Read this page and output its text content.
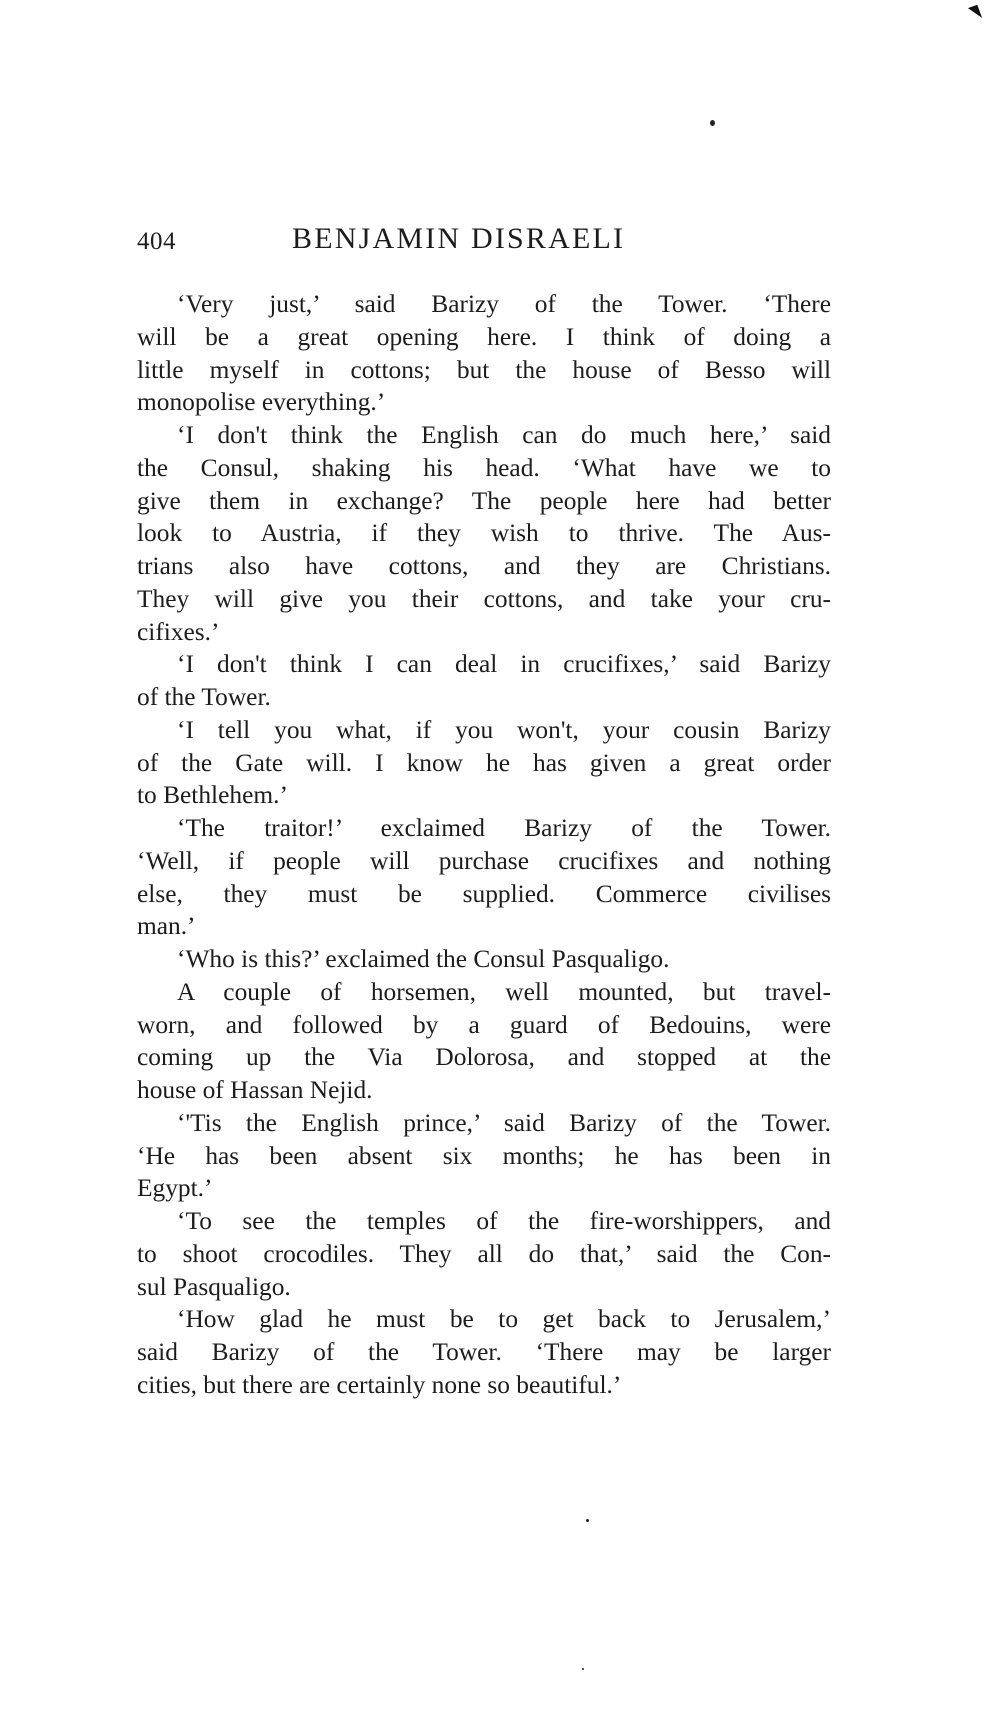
404	BENJAMIN DISRAELI
‘Very just,’ said Barizy of the Tower. ‘There
will be a great opening here. I think of doing a
little myself in cottons; but the house of Besso will
monopolise everything.’
‘I don't think the English can do much here,’ said
the Consul, shaking his head. ‘What have we to
give them in exchange? The people here had better
look to Austria, if they wish to thrive. The Aus-
trians also have cottons, and they are Christians.
They will give you their cottons, and take your cru-
cifixes.’
‘I don't think I can deal in crucifixes,’ said Barizy
of the Tower.
‘I tell you what, if you won't, your cousin Barizy
of the Gate will. I know he has given a great order
to Bethlehem.’
‘The traitor!’ exclaimed Barizy of the Tower.
‘Well, if people will purchase crucifixes and nothing
else, they must be supplied. Commerce civilises
man.’
‘Who is this?’ exclaimed the Consul Pasqualigo.
A couple of horsemen, well mounted, but travel-
worn, and followed by a guard of Bedouins, were
coming up the Via Dolorosa, and stopped at the
house of Hassan Nejid.
‘'Tis the English prince,’ said Barizy of the Tower.
‘He has been absent six months; he has been in
Egypt.’
‘To see the temples of the fire-worshippers, and
to shoot crocodiles. They all do that,’ said the Con-
sul Pasqualigo.
‘How glad he must be to get back to Jerusalem,’
said Barizy of the Tower. ‘There may be larger
cities, but there are certainly none so beautiful.’
